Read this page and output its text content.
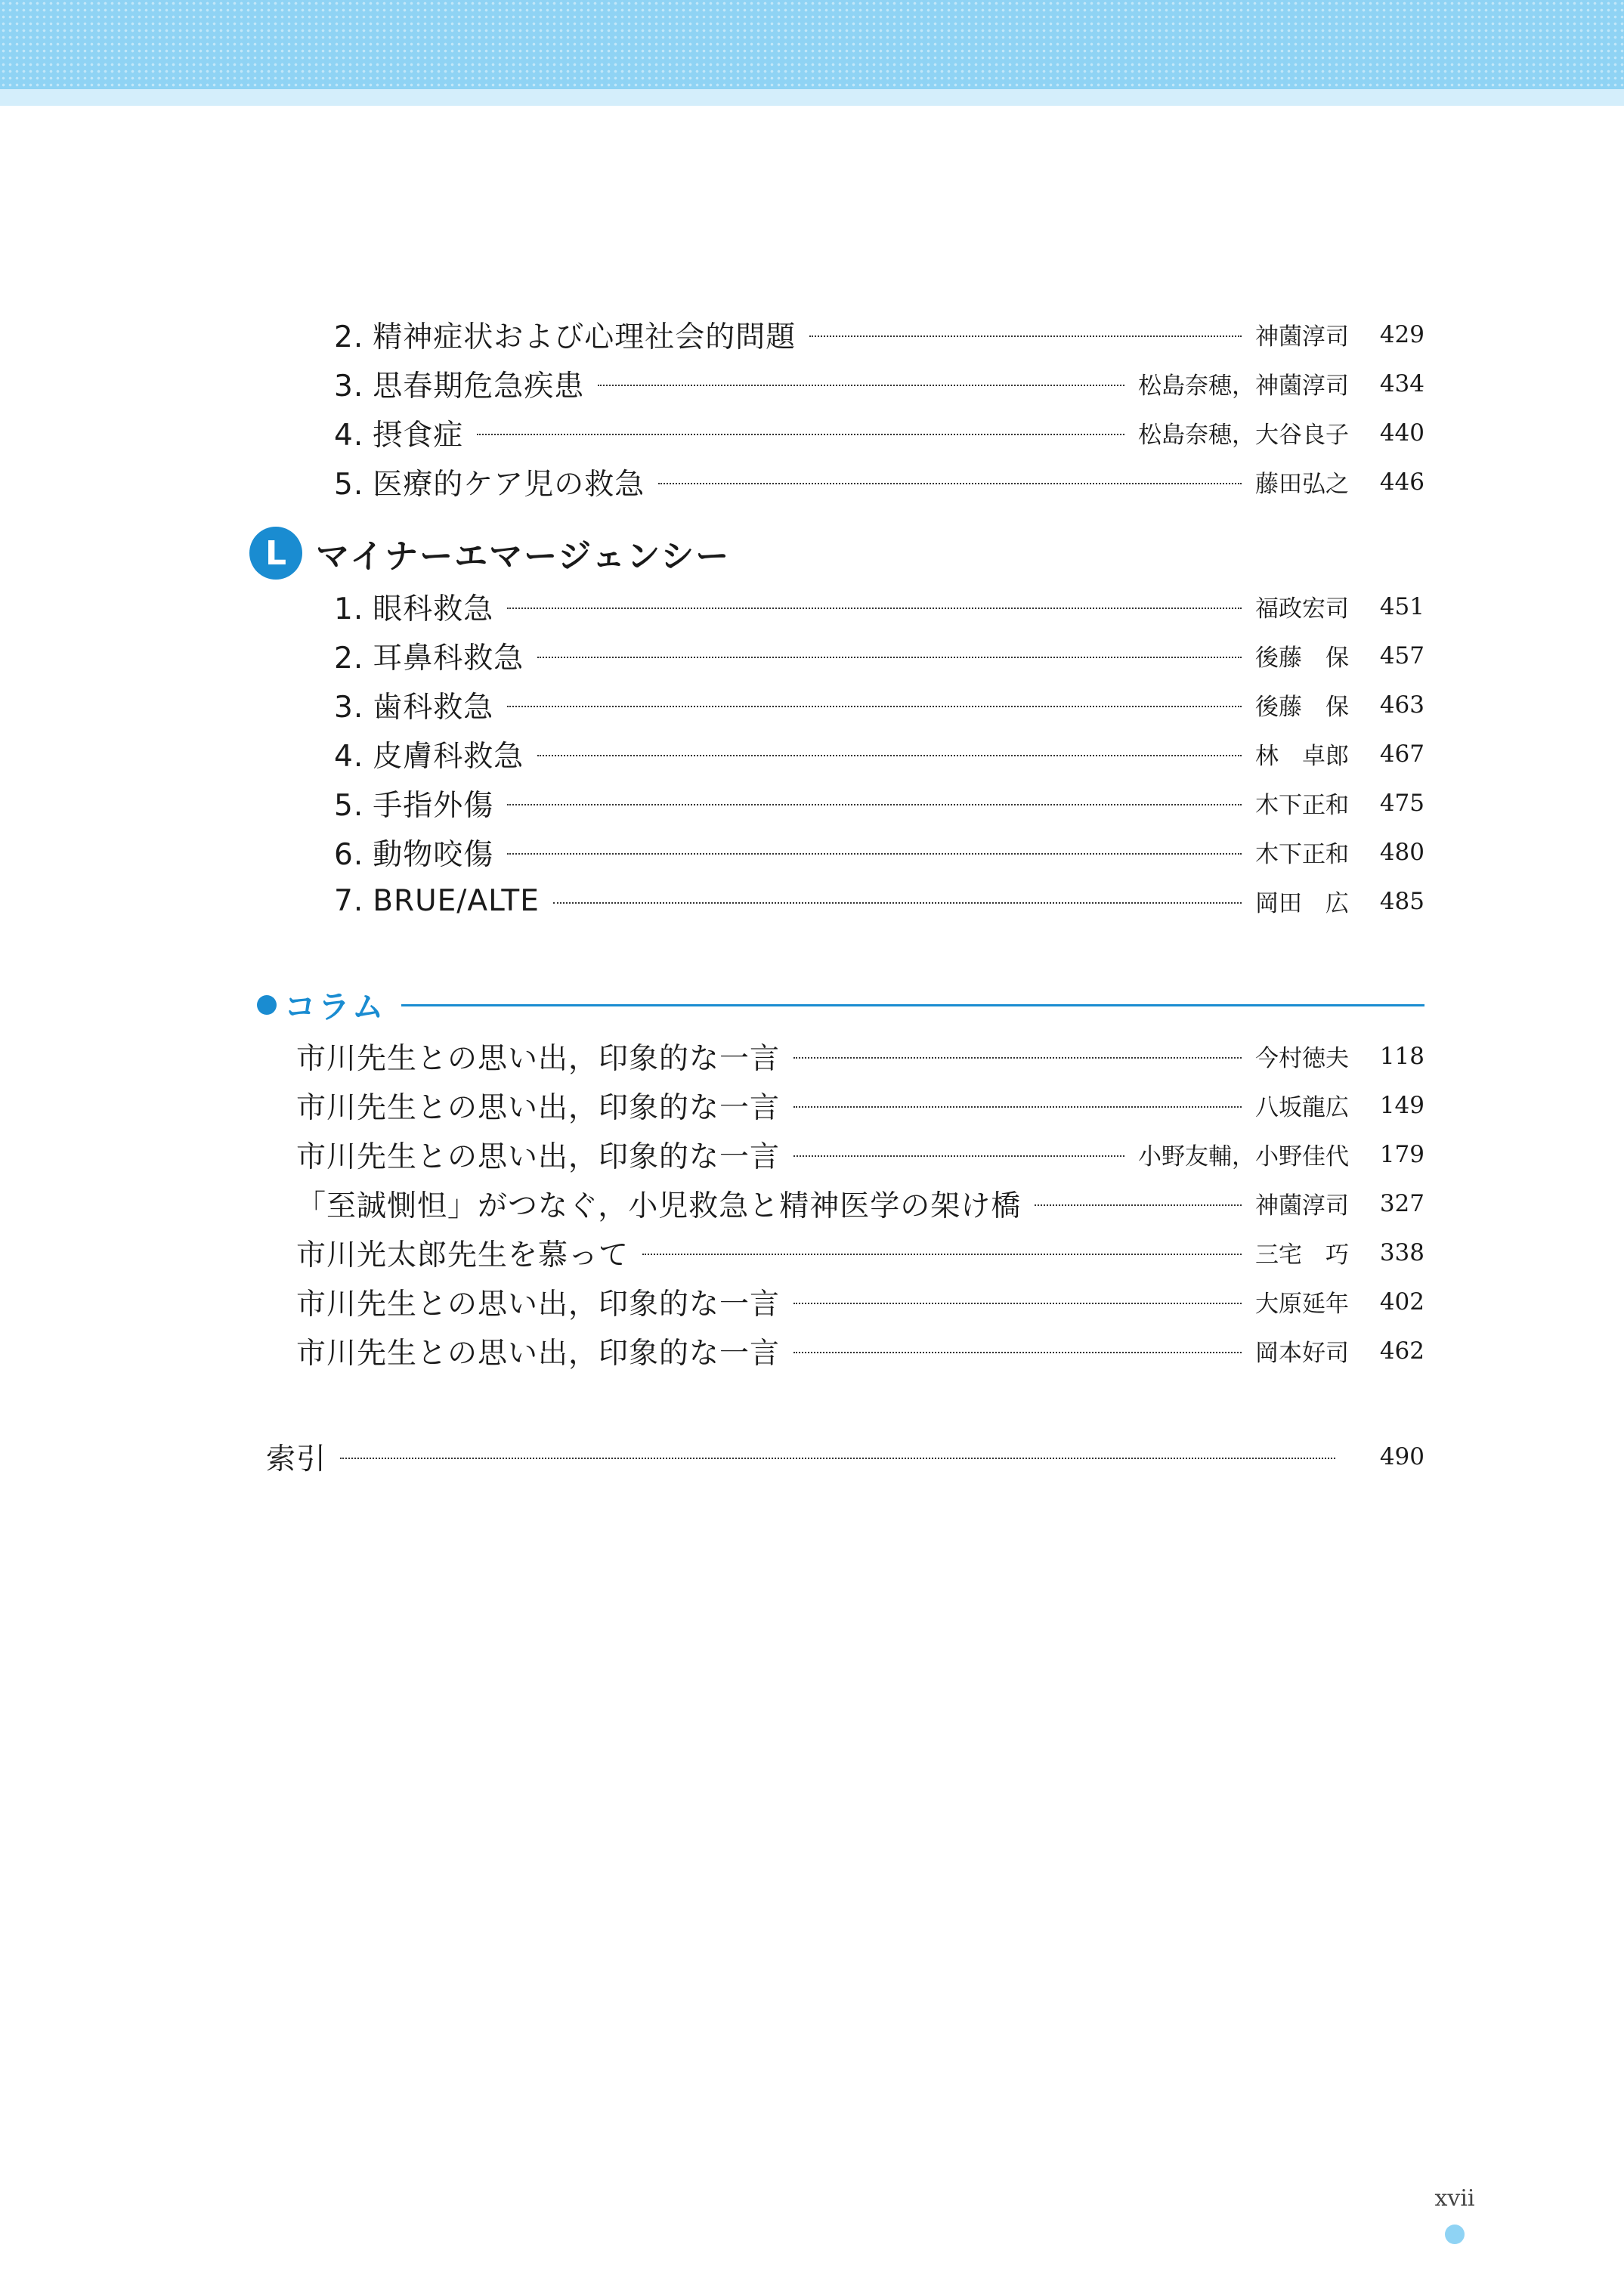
2. 精神症状および心理社会的問題	神薗淳司	429
3. 思春期危急疾患	松島奈穂，神薗淳司	434
4. 摂食症	松島奈穂，大谷良子	440
5. 医療的ケア児の救急	藤田弘之	446
L マイナーエマージェンシー
1. 眼科救急	福政宏司	451
2. 耳鼻科救急	後藤　保	457
3. 歯科救急	後藤　保	463
4. 皮膚科救急	林　卓郎	467
5. 手指外傷	木下正和	475
6. 動物咬傷	木下正和	480
7. BRUE/ALTE	岡田　広	485
コラム
市川先生との思い出，印象的な一言	今村徳夫	118
市川先生との思い出，印象的な一言	八坂龍広	149
市川先生との思い出，印象的な一言	小野友輔，小野佳代	179
「至誠惻怛」がつなぐ，小児救急と精神医学の架け橋	神薗淳司	327
市川光太郎先生を慕って	三宅　巧	338
市川先生との思い出，印象的な一言	大原延年	402
市川先生との思い出，印象的な一言	岡本好司	462
索引	490
xvii
